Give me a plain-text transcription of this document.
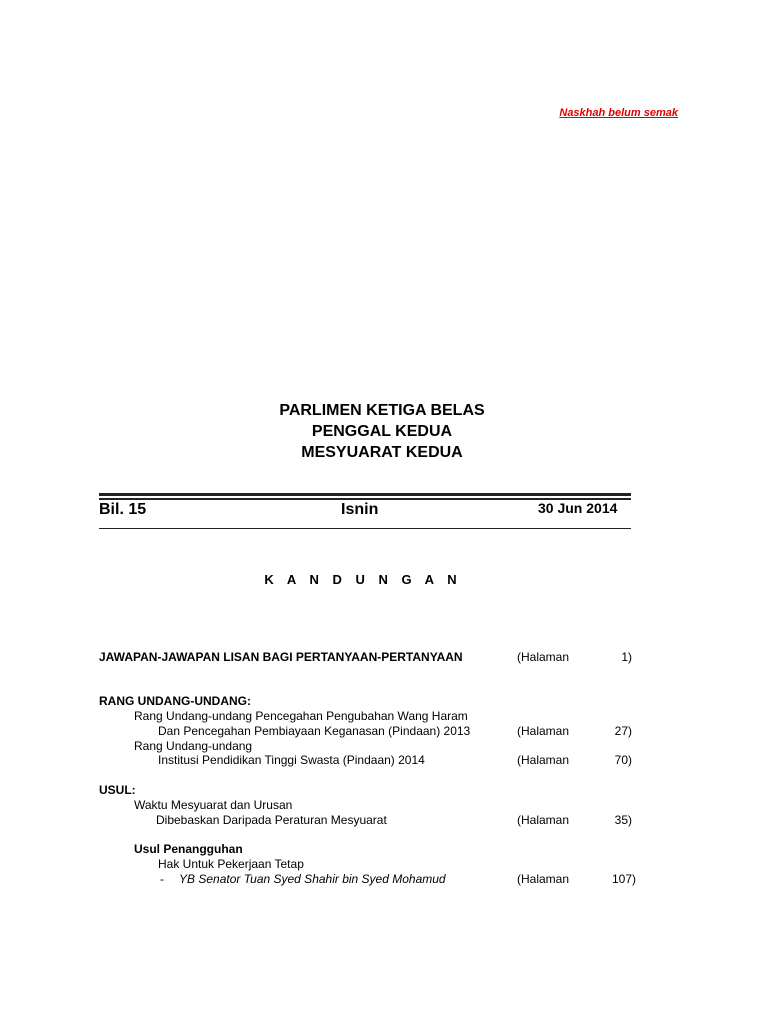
Naskhah belum semak
PARLIMEN KETIGA BELAS
PENGGAL KEDUA
MESYUARAT KEDUA
Bil. 15	Isnin	30 Jun 2014
K A N D U N G A N
JAWAPAN-JAWAPAN LISAN BAGI PERTANYAAN-PERTANYAAN	(Halaman	1)
RANG UNDANG-UNDANG:
Rang Undang-undang Pencegahan Pengubahan Wang Haram
Dan Pencegahan Pembiayaan Keganasan (Pindaan) 2013	(Halaman	27)
Rang Undang-undang
Institusi Pendidikan Tinggi Swasta (Pindaan) 2014	(Halaman	70)
USUL:
Waktu Mesyuarat dan Urusan
Dibebaskan Daripada Peraturan Mesyuarat	(Halaman	35)
Usul Penangguhan
Hak Untuk Pekerjaan Tetap
- YB Senator Tuan Syed Shahir bin Syed Mohamud	(Halaman	107)
